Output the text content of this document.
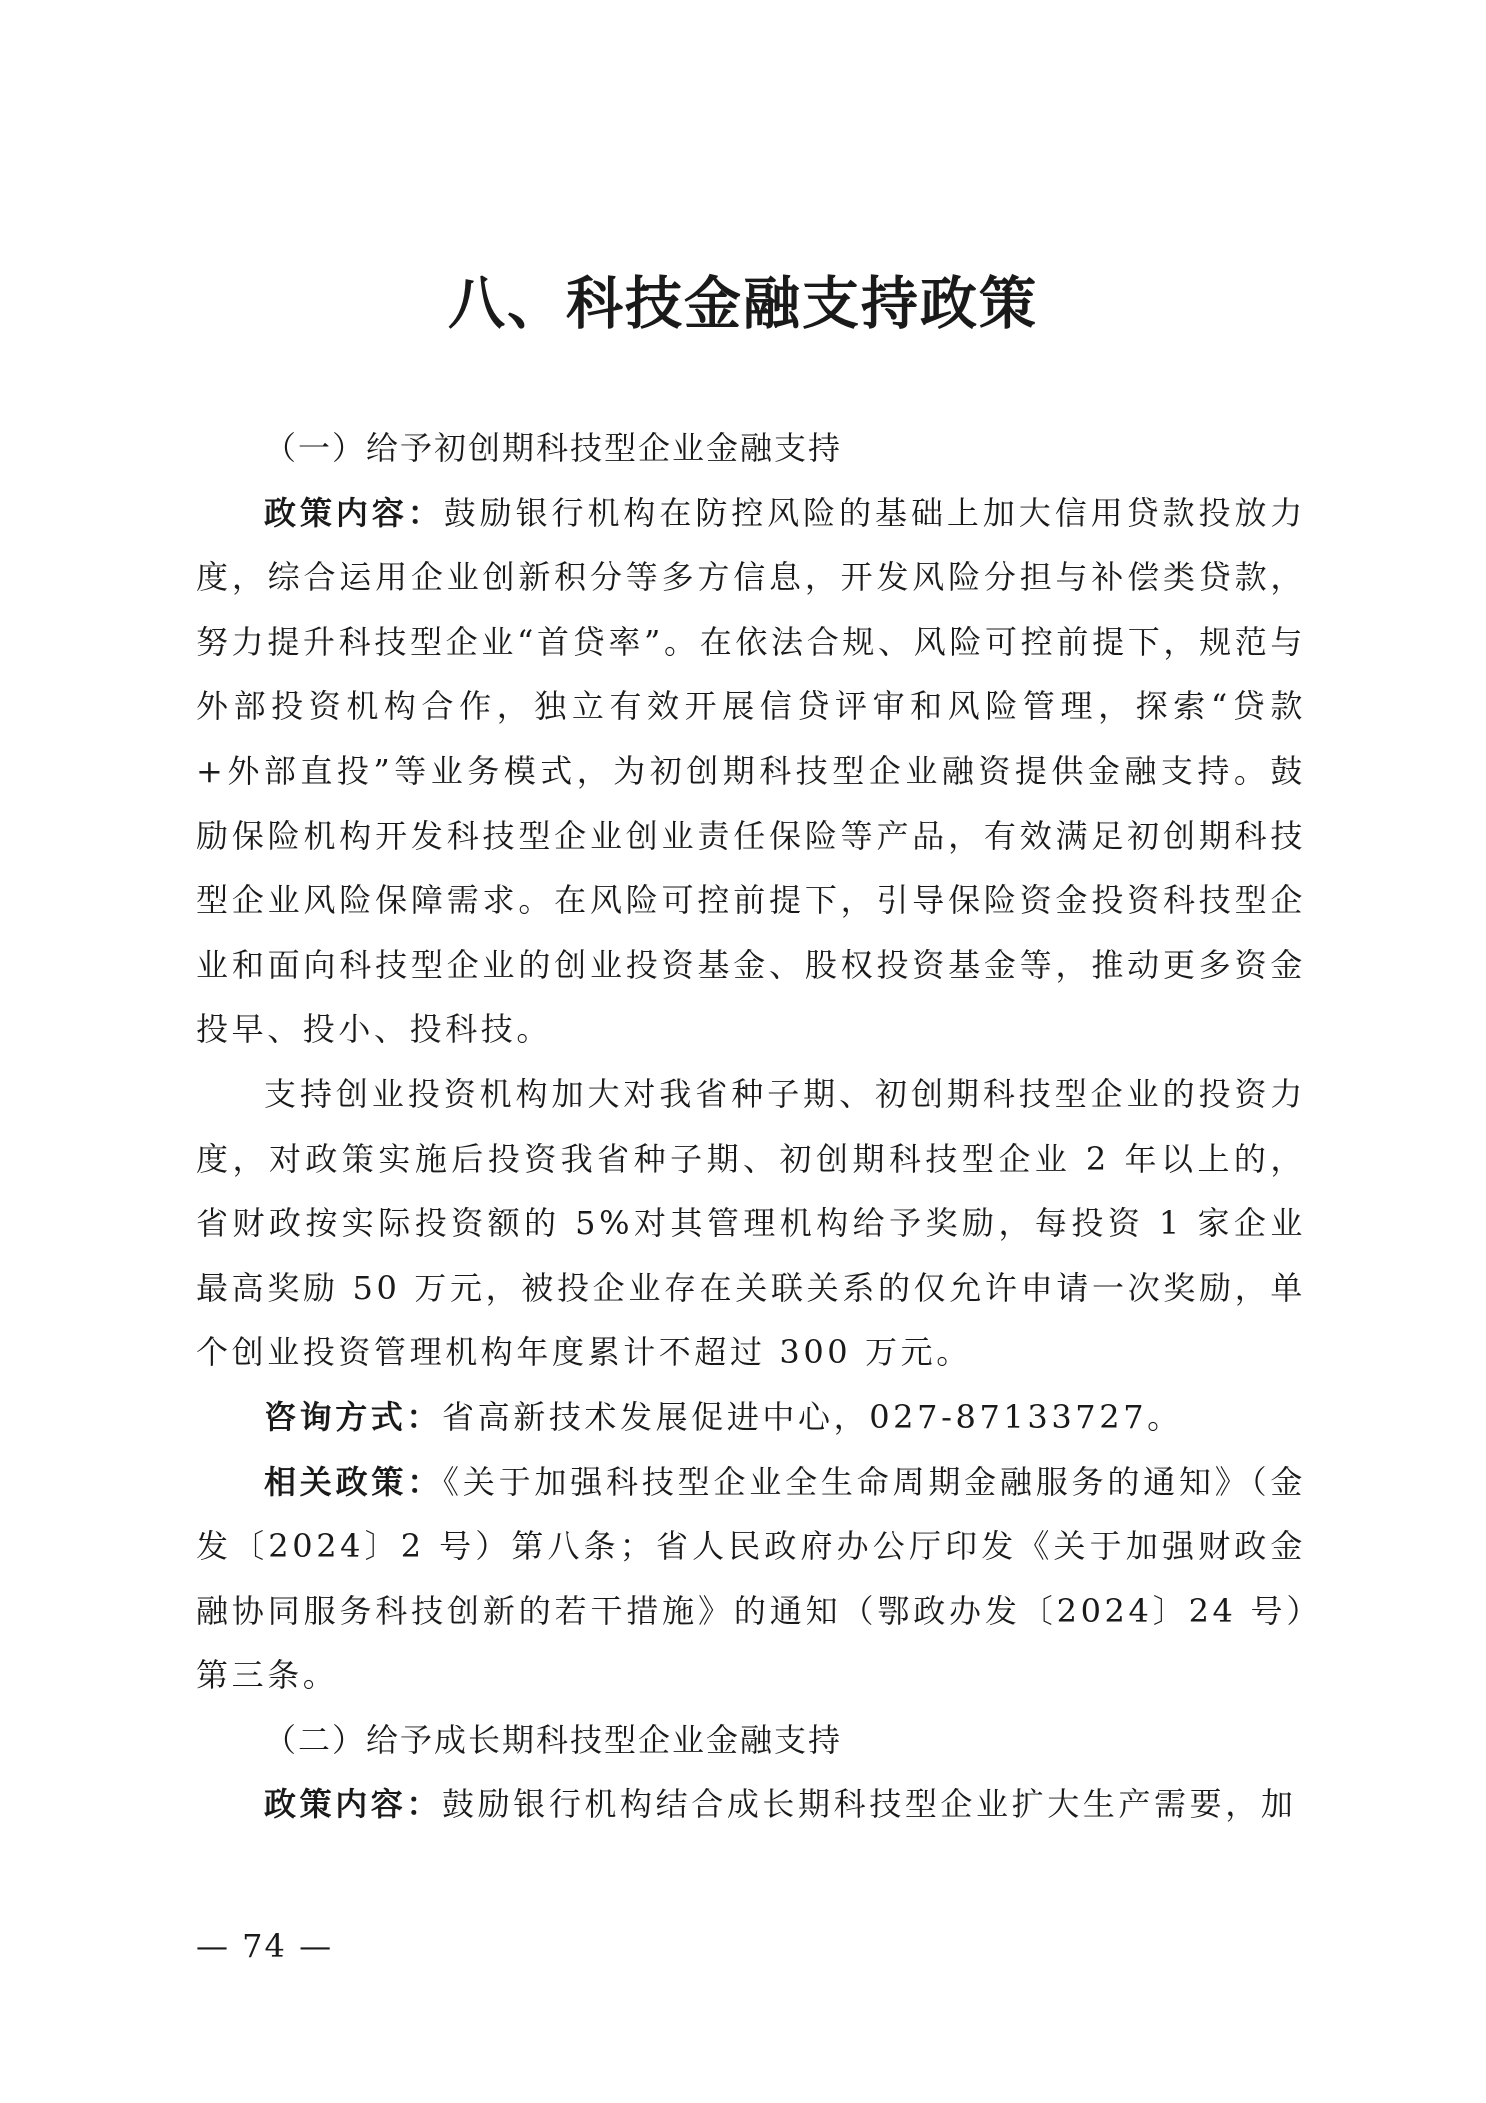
八、科技金融支持政策

（一）给予初创期科技型企业金融支持

政策内容：鼓励银行机构在防控风险的基础上加大信用贷款投放力度，综合运用企业创新积分等多方信息，开发风险分担与补偿类贷款，努力提升科技型企业“首贷率”。在依法合规、风险可控前提下，规范与外部投资机构合作，独立有效开展信贷评审和风险管理，探索“贷款+外部直投”等业务模式，为初创期科技型企业融资提供金融支持。鼓励保险机构开发科技型企业创业责任保险等产品，有效满足初创期科技型企业风险保障需求。在风险可控前提下，引导保险资金投资科技型企业和面向科技型企业的创业投资基金、股权投资基金等，推动更多资金投早、投小、投科技。

支持创业投资机构加大对我省种子期、初创期科技型企业的投资力度，对政策实施后投资我省种子期、初创期科技型企业 2 年以上的，省财政按实际投资额的 5%对其管理机构给予奖励，每投资 1 家企业最高奖励 50 万元，被投企业存在关联关系的仅允许申请一次奖励，单个创业投资管理机构年度累计不超过 300 万元。

咨询方式：省高新技术发展促进中心，027-87133727。

相关政策：《关于加强科技型企业全生命周期金融服务的通知》（金发〔2024〕2 号）第八条；省人民政府办公厅印发《关于加强财政金融协同服务科技创新的若干措施》的通知（鄂政办发〔2024〕24 号）第三条。

（二）给予成长期科技型企业金融支持

政策内容：鼓励银行机构结合成长期科技型企业扩大生产需要，加

— 74 —
